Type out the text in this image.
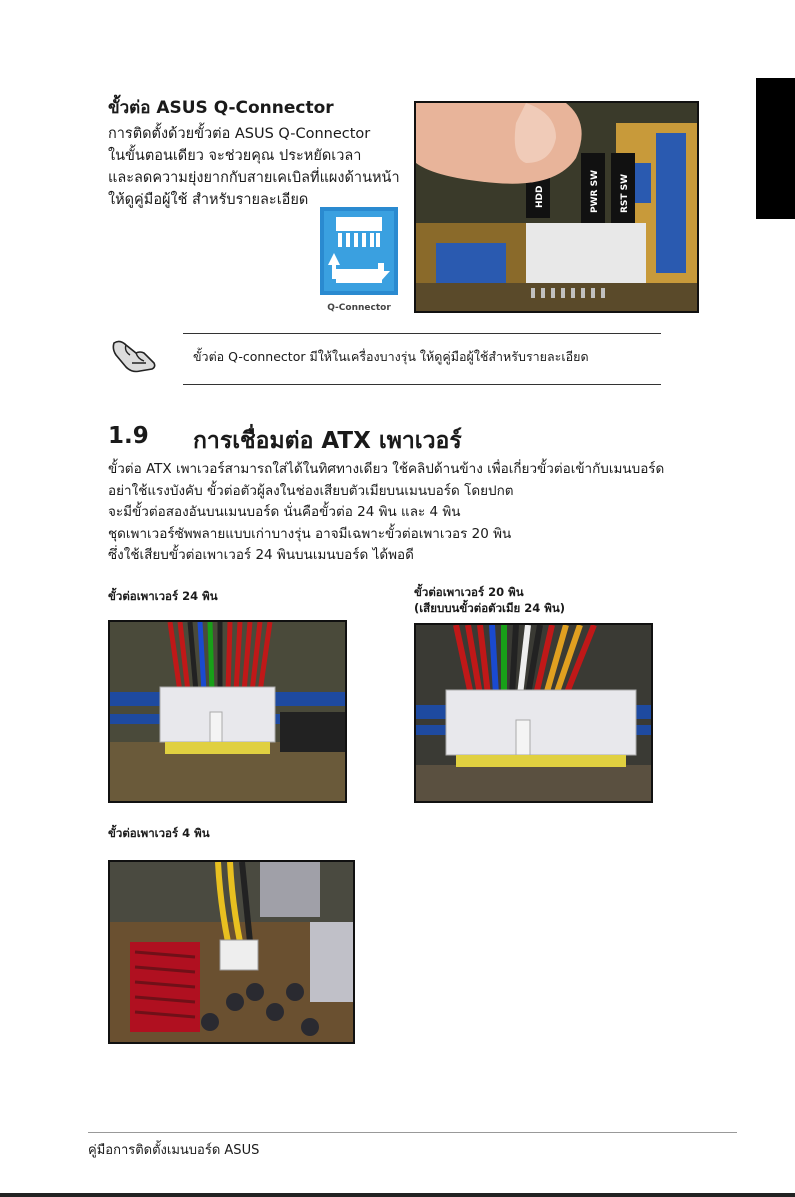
ขั้วต่อ ASUS Q-Connector
การติดตั้งด้วยขั้วต่อ ASUS Q-Connector
ในขั้นตอนเดียว จะช่วยคุณ ประหยัดเวลา
และลดความยุ่งยากกับสายเคเบิลที่แผงด้านหน้า
ให้ดูคู่มือผู้ใช้ สำหรับรายละเอียด	HDD	PWR SW RST SW
Q-Connector
ขั้วต่อ Q-connector มีให้ในเครื่องบางรุ่น ให้ดูคู่มือผู้ใช้สำหรับรายละเอียด
1.9 การเชื่อมต่อ ATX เพาเวอร์
ขั้วต่อ ATX เพาเวอร์สามารถใส่ได้ในทิศทางเดียว ใช้คลิปด้านข้าง เพื่อเกี่ยวขั้วต่อเข้ากับเมนบอร์ด
อย่าใช้แรงบังคับ ขั้วต่อตัวผู้ลงในช่องเสียบตัวเมียบนเมนบอร์ด โดยปกต
จะมีขั้วต่อสองอันบนเมนบอร์ด นั่นคือขั้วต่อ 24 พิน และ 4 พิน
ชุดเพาเวอร์ซัพพลายแบบเก่าบางรุ่น อาจมีเฉพาะขั้วต่อเพาเวอร 20 พิน
ซึ่งใช้เสียบขั้วต่อเพาเวอร์ 24 พินบนเมนบอร์ด ได้พอดี
ขั้วต่อเพาเวอร์ 24 พิน	ขั้วต่อเพาเวอร์ 20 พิน
(เสียบบนขั้วต่อตัวเมีย 24 พิน)
ขั้วต่อเพาเวอร์ 4 พิน
คู่มือการติดตั้งเมนบอร์ด ASUS
